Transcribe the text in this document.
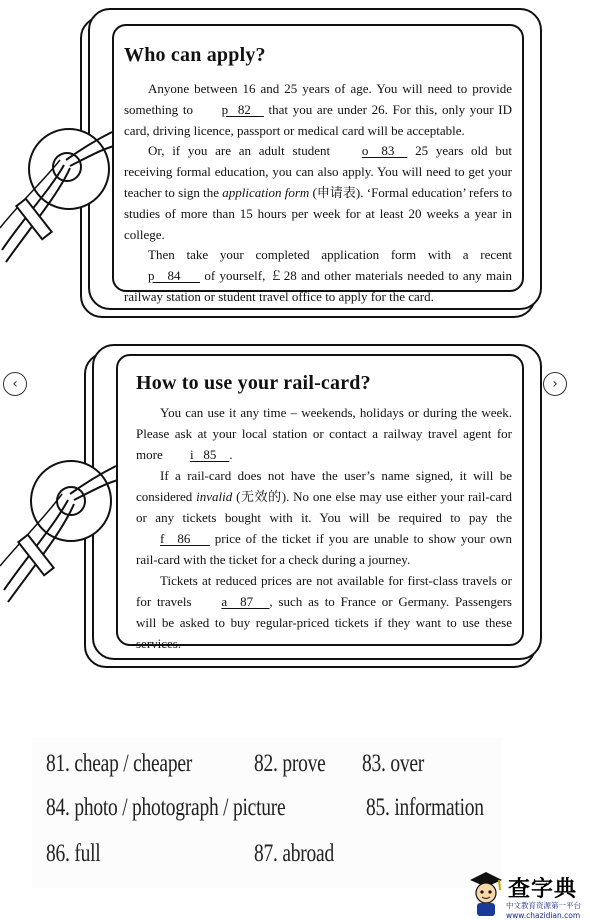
Who can apply?

Anyone between 16 and 25 years of age. You will need to provide something to p   82     that you are under 26. For this, only your ID card, driving licence, passport or medical card will be acceptable.

Or, if you are an adult student o    83     25 years old but receiving formal education, you can also apply. You will need to get your teacher to sign the application form (申请表). ‘Formal education’ refers to studies of more than 15 hours per week for at least 20 weeks a year in college.

Then take your completed application form with a recent p    84       of yourself, ￡28 and other materials needed to any main railway station or student travel office to apply for the card.

‹	›
How to use your rail-card?

You can use it any time – weekends, holidays or during the week. Please ask at your local station or contact a railway travel agent for more i   85    .

If a rail-card does not have the user’s name signed, it will be considered invalid (无效的). No one else may use either your rail-card or any tickets bought with it. You will be required to pay the f    86       price of the ticket if you are unable to show your own rail-card with the ticket for a check during a journey.

Tickets at reduced prices are not available for first-class travels or for travels a    87     , such as to France or Germany. Passengers will be asked to buy regular-priced tickets if they want to use these services.

81. cheap / cheaper 82. prove 83. over
84. photo / photograph / picture	85. information
86. full	87. abroad
查字典
中文教育资源第一平台 www.chazidian.com
